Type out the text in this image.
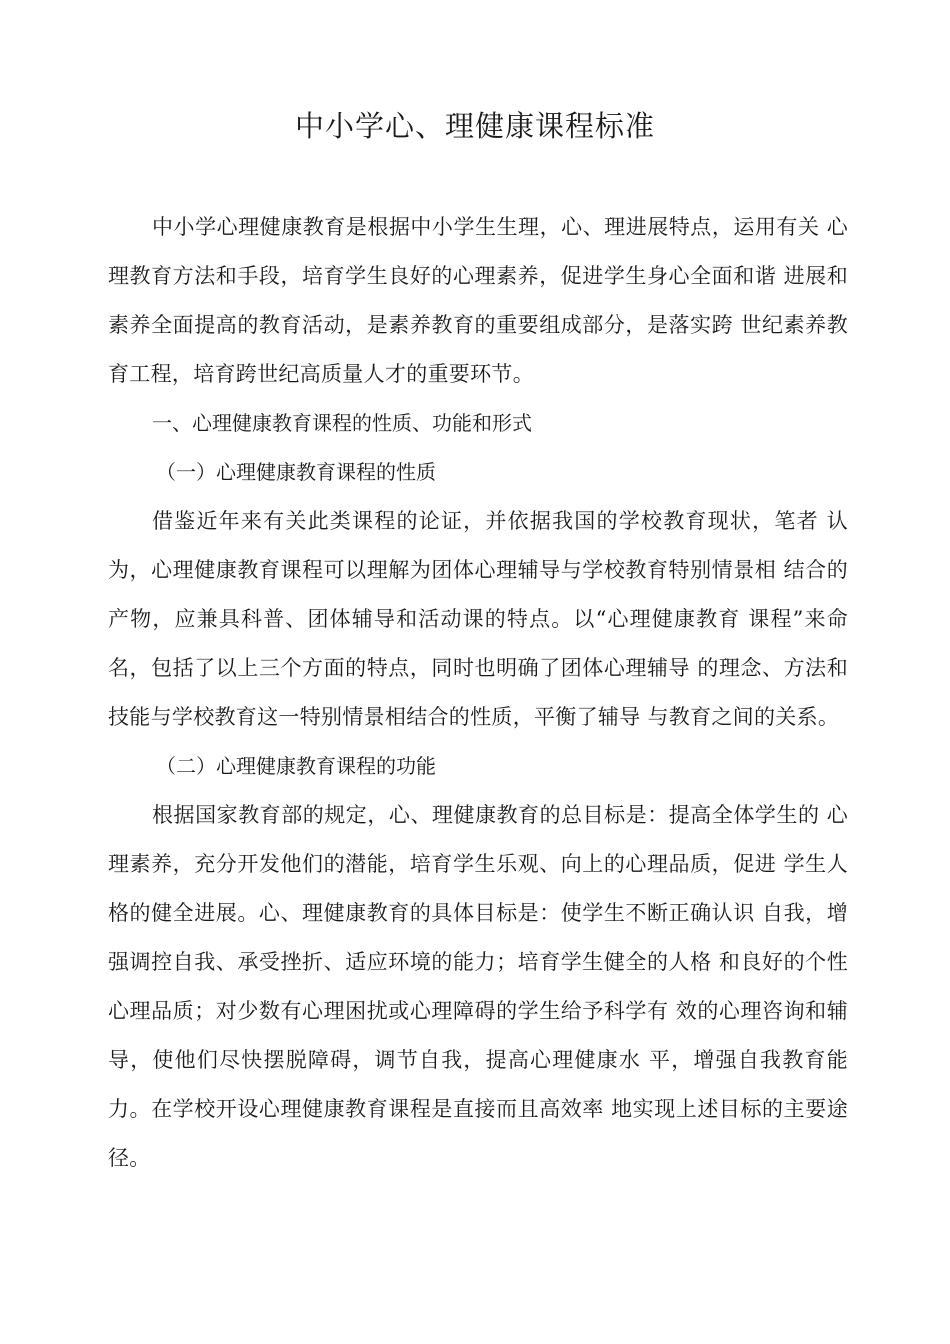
中小学心、理健康课程标准

中小学心理健康教育是根据中小学生生理，心、理进展特点，运用有关 心理教育方法和手段，培育学生良好的心理素养，促进学生身心全面和谐 进展和素养全面提高的教育活动，是素养教育的重要组成部分，是落实跨 世纪素养教育工程，培育跨世纪高质量人才的重要环节。

一、心理健康教育课程的性质、功能和形式

（一）心理健康教育课程的性质

借鉴近年来有关此类课程的论证，并依据我国的学校教育现状，笔者 认为，心理健康教育课程可以理解为团体心理辅导与学校教育特别情景相 结合的产物，应兼具科普、团体辅导和活动课的特点。以“心理健康教育 课程”来命名，包括了以上三个方面的特点，同时也明确了团体心理辅导 的理念、方法和技能与学校教育这一特别情景相结合的性质，平衡了辅导 与教育之间的关系。

（二）心理健康教育课程的功能

根据国家教育部的规定，心、理健康教育的总目标是：提高全体学生的 心理素养，充分开发他们的潜能，培育学生乐观、向上的心理品质，促进 学生人格的健全进展。心、理健康教育的具体目标是：使学生不断正确认识 自我，增强调控自我、承受挫折、适应环境的能力；培育学生健全的人格 和良好的个性心理品质；对少数有心理困扰或心理障碍的学生给予科学有 效的心理咨询和辅导，使他们尽快摆脱障碍，调节自我，提高心理健康水 平，增强自我教育能力。在学校开设心理健康教育课程是直接而且高效率 地实现上述目标的主要途径。
